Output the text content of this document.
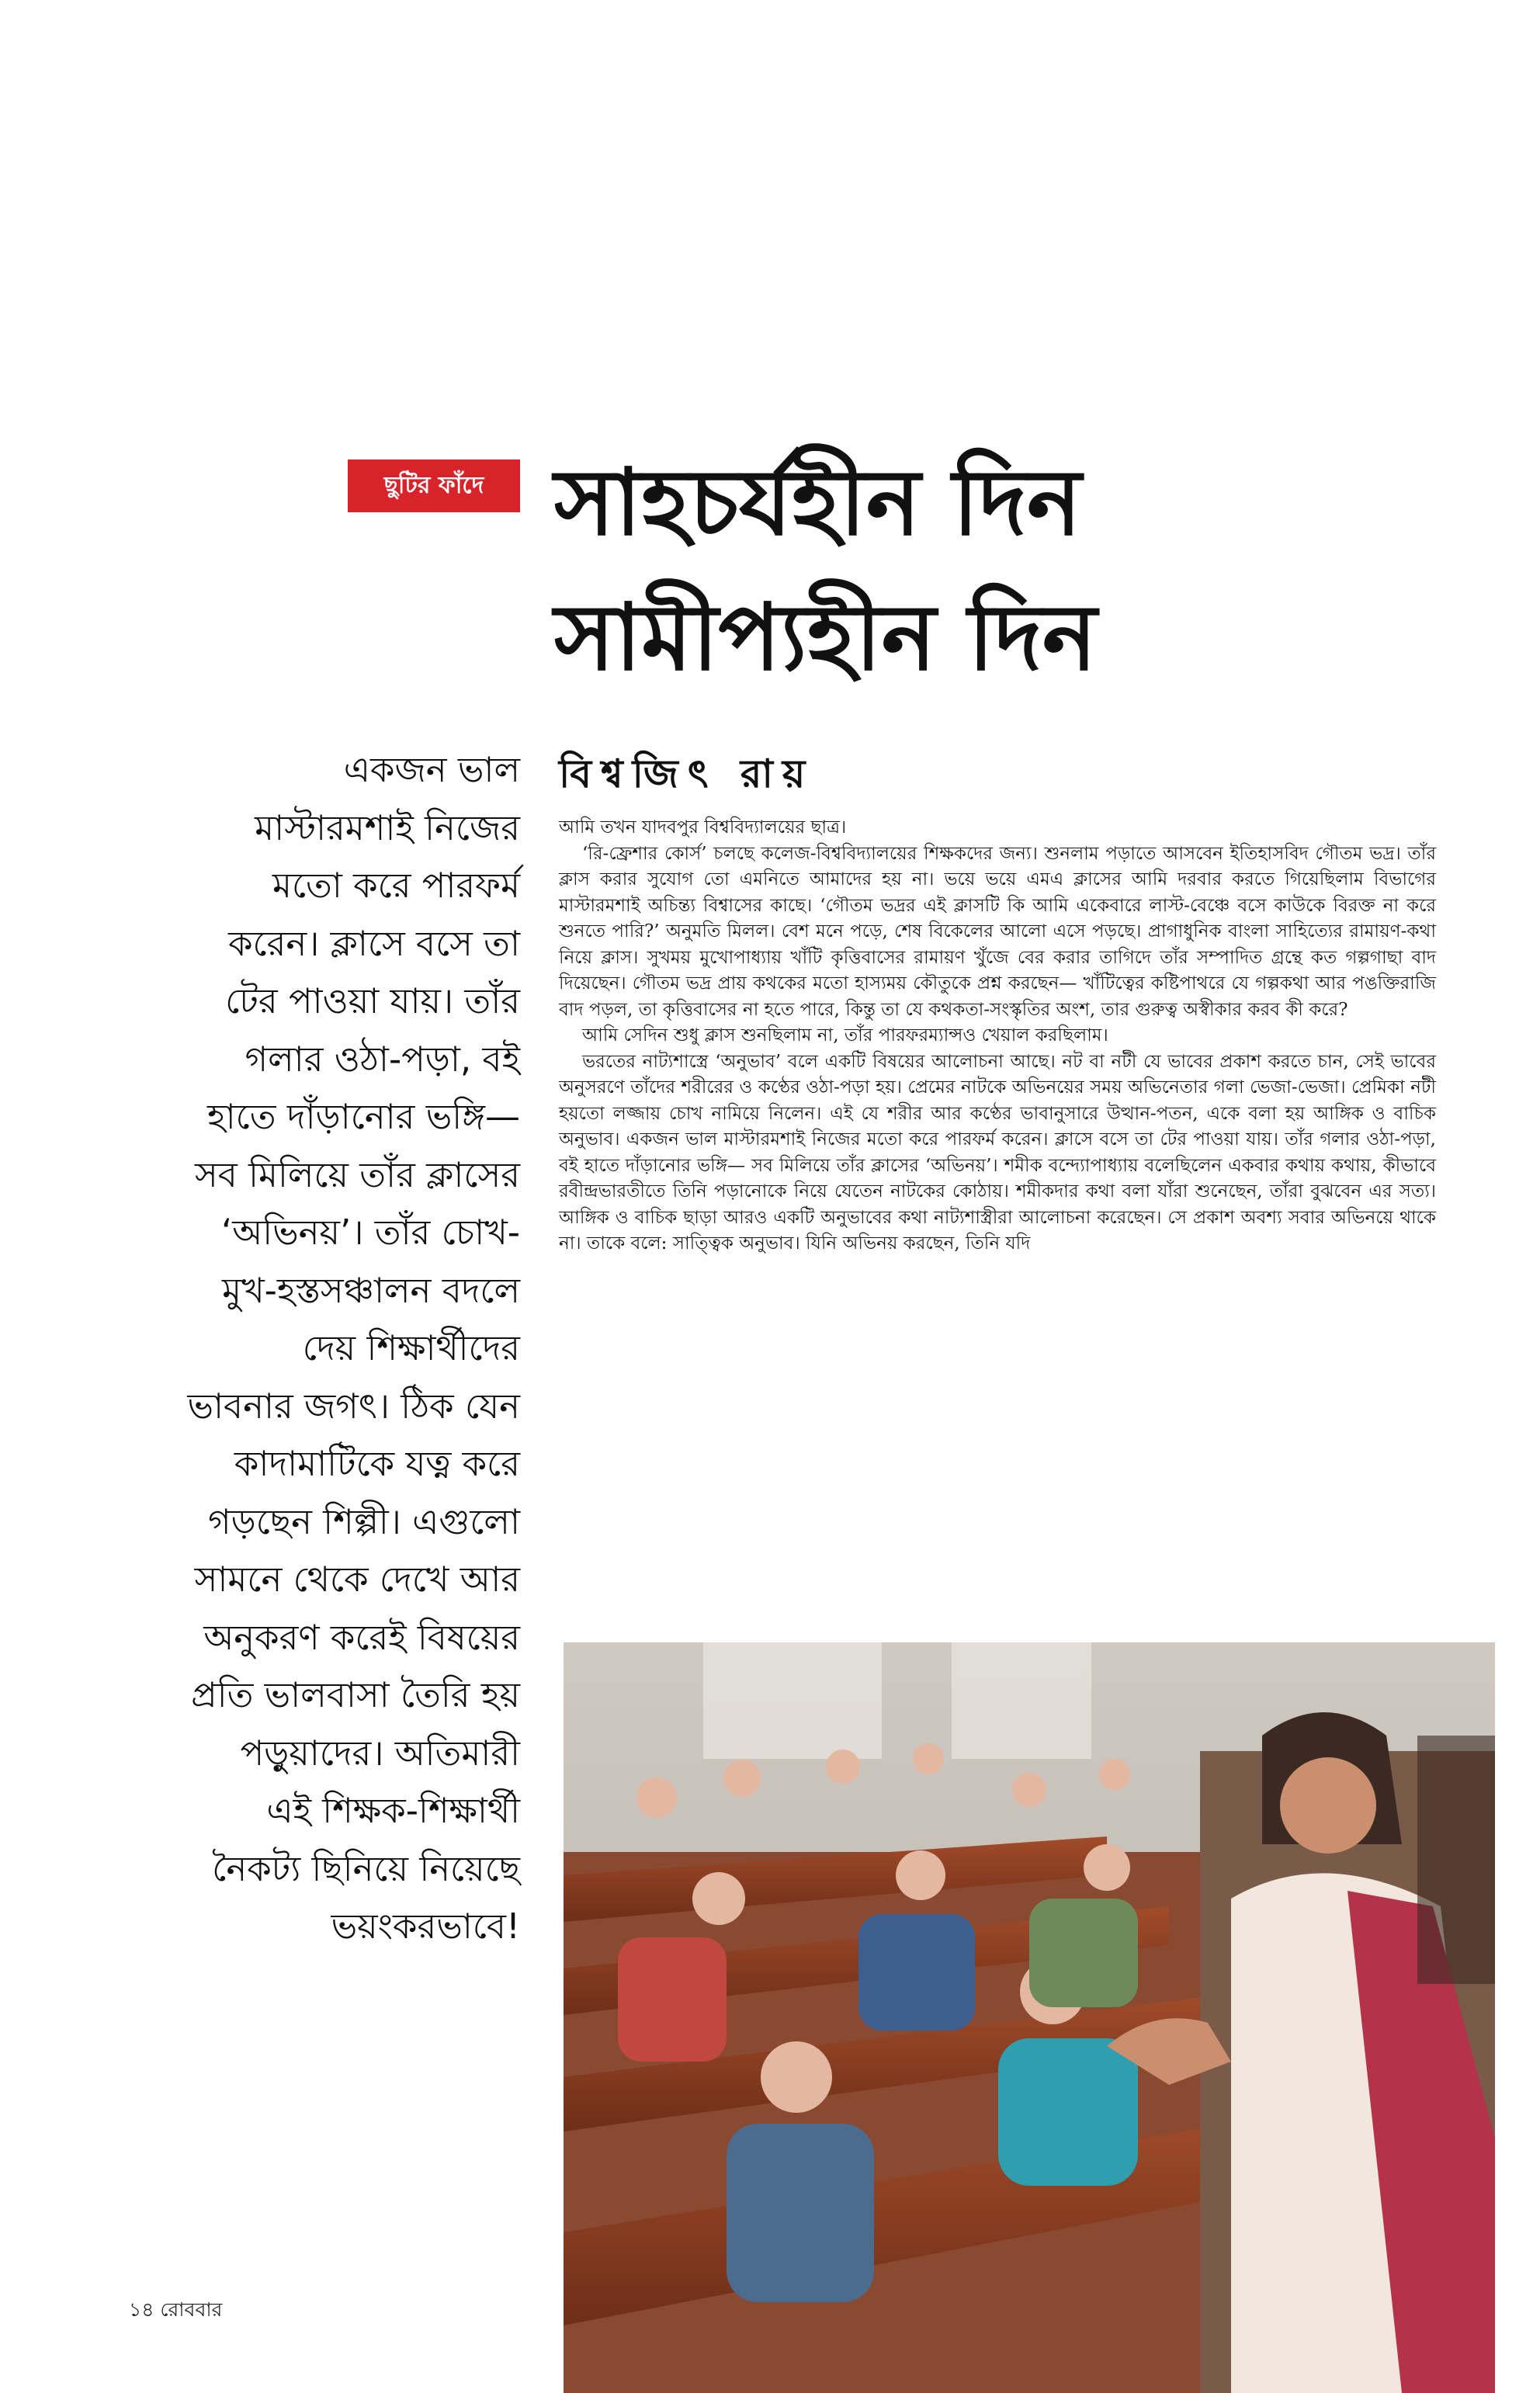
ছুটির ফাঁদে সাহচর্যহীন দিন
সামীপ্যহীন দিন
বিশ্বজিৎ রায়
একজন ভাল
মাস্টারমশাই নিজের
মতো করে পারফর্ম
করেন। ক্লাসে বসে তা
টের পাওয়া যায়। তাঁর
গলার ওঠা-পড়া, বই
হাতে দাঁড়ানোর ভঙ্গি—
সব মিলিয়ে তাঁর ক্লাসের
‘অভিনয়’। তাঁর চোখ-
মুখ-হস্তসঞ্চালন বদলে
দেয় শিক্ষার্থীদের
ভাবনার জগৎ। ঠিক যেন
কাদামাটিকে যত্ন করে
গড়ছেন শিল্পী। এগুলো
সামনে থেকে দেখে আর
অনুকরণ করেই বিষয়ের
প্রতি ভালবাসা তৈরি হয়
পড়ুয়াদের। অতিমারী
এই শিক্ষক-শিক্ষার্থী
নৈকট্য ছিনিয়ে নিয়েছে
ভয়ংকরভাবে!

আমি তখন যাদবপুর বিশ্ববিদ্যালয়ের ছাত্র।

‘রি-ফ্রেশার কোর্স’ চলছে কলেজ-বিশ্ববিদ্যালয়ের শিক্ষকদের জন্য। শুনলাম পড়াতে আসবেন ইতিহাসবিদ গৌতম ভদ্র। তাঁর ক্লাস করার সুযোগ তো এমনিতে আমাদের হয় না। ভয়ে ভয়ে এমএ ক্লাসের আমি দরবার করতে গিয়েছিলাম বিভাগের মাস্টারমশাই অচিন্ত্য বিশ্বাসের কাছে। ‘গৌতম ভদ্রর এই ক্লাসটি কি আমি একেবারে লাস্ট-বেঞ্চে বসে কাউকে বিরক্ত না করে শুনতে পারি?’ অনুমতি মিলল। বেশ মনে পড়ে, শেষ বিকেলের আলো এসে পড়ছে। প্রাগাধুনিক বাংলা সাহিত্যের রামায়ণ-কথা নিয়ে ক্লাস। সুখময় মুখোপাধ্যায় খাঁটি কৃত্তিবাসের রামায়ণ খুঁজে বের করার তাগিদে তাঁর সম্পাদিত গ্রন্থে কত গল্পগাছা বাদ দিয়েছেন। গৌতম ভদ্র প্রায় কথকের মতো হাস্যময় কৌতুকে প্রশ্ন করছেন— খাঁটিত্বের কষ্টিপাথরে যে গল্পকথা আর পঙক্তিরাজি বাদ পড়ল, তা কৃত্তিবাসের না হতে পারে, কিন্তু তা যে কথকতা-সংস্কৃতির অংশ, তার গুরুত্ব অস্বীকার করব কী করে?

আমি সেদিন শুধু ক্লাস শুনছিলাম না, তাঁর পারফরম্যান্সও খেয়াল করছিলাম।

ভরতের নাট্যশাস্ত্রে ‘অনুভাব’ বলে একটি বিষয়ের আলোচনা আছে। নট বা নটী যে ভাবের প্রকাশ করতে চান, সেই ভাবের অনুসরণে তাঁদের শরীরের ও কণ্ঠের ওঠা-পড়া হয়। প্রেমের নাটকে অভিনয়ের সময় অভিনেতার গলা ভেজা-ভেজা। প্রেমিকা নটী হয়তো লজ্জায় চোখ নামিয়ে নিলেন। এই যে শরীর আর কণ্ঠের ভাবানুসারে উত্থান-পতন, একে বলা হয় আঙ্গিক ও বাচিক অনুভাব। একজন ভাল মাস্টারমশাই নিজের মতো করে পারফর্ম করেন। ক্লাসে বসে তা টের পাওয়া যায়। তাঁর গলার ওঠা-পড়া, বই হাতে দাঁড়ানোর ভঙ্গি— সব মিলিয়ে তাঁর ক্লাসের ‘অভিনয়’। শমীক বন্দ্যোপাধ্যায় বলেছিলেন একবার কথায় কথায়, কীভাবে রবীন্দ্রভারতীতে তিনি পড়ানোকে নিয়ে যেতেন নাটকের কোঠায়। শমীকদার কথা বলা যাঁরা শুনেছেন, তাঁরা বুঝবেন এর সত্য। আঙ্গিক ও বাচিক ছাড়া আরও একটি অনুভাবের কথা নাট্যশাস্ত্রীরা আলোচনা করেছেন। সে প্রকাশ অবশ্য সবার অভিনয়ে থাকে না। তাকে বলে: সাত্ত্বিক অনুভাব। যিনি অভিনয় করছেন, তিনি যদি

১৪ রোববার
